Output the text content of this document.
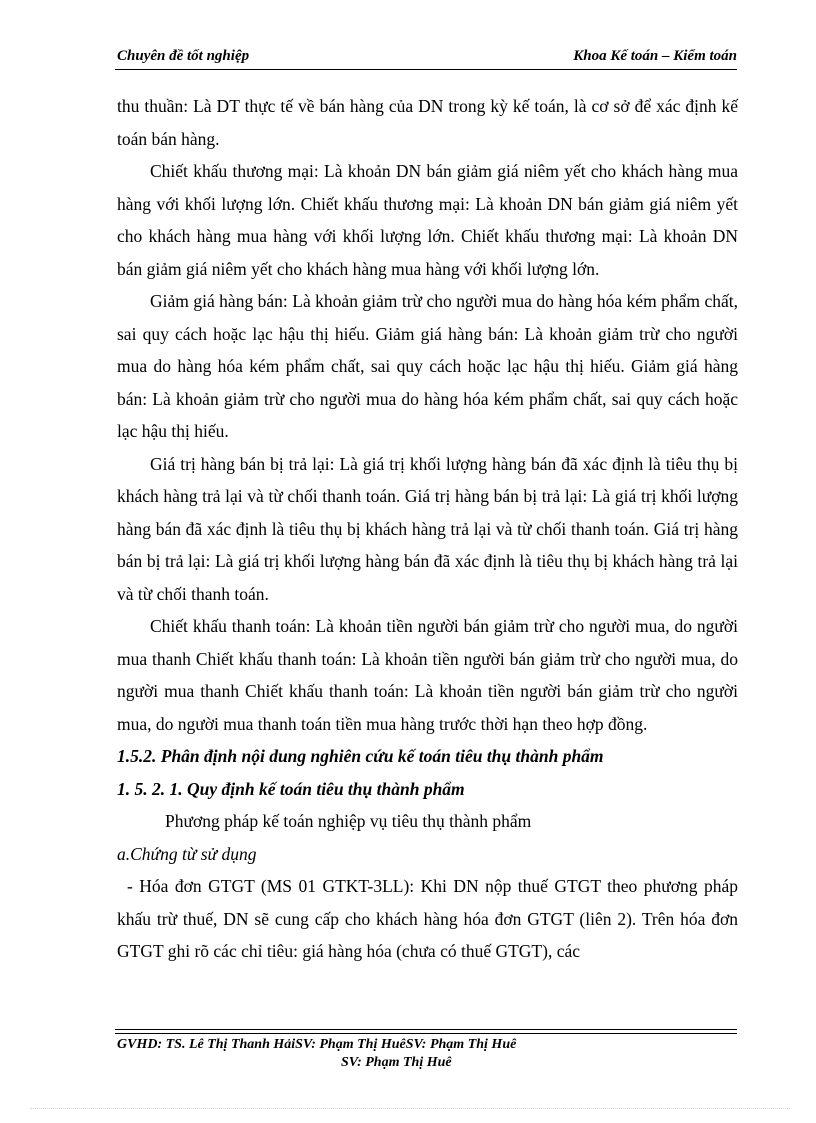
Chuyên đề tốt nghiệp	Khoa Kế toán – Kiểm toán

thu thuần: Là DT thực tế về bán hàng của DN trong kỳ kế toán, là cơ sở để xác định kế toán bán hàng.

Chiết khấu thương mại: Là khoản DN bán giảm giá niêm yết cho khách hàng mua hàng với khối lượng lớn. Chiết khấu thương mại: Là khoản DN bán giảm giá niêm yết cho khách hàng mua hàng với khối lượng lớn. Chiết khấu thương mại: Là khoản DN bán giảm giá niêm yết cho khách hàng mua hàng với khối lượng lớn.

Giảm giá hàng bán: Là khoản giảm trừ cho người mua do hàng hóa kém phẩm chất, sai quy cách hoặc lạc hậu thị hiếu. Giảm giá hàng bán: Là khoản giảm trừ cho người mua do hàng hóa kém phẩm chất, sai quy cách hoặc lạc hậu thị hiếu. Giảm giá hàng bán: Là khoản giảm trừ cho người mua do hàng hóa kém phẩm chất, sai quy cách hoặc lạc hậu thị hiếu.

Giá trị hàng bán bị trả lại: Là giá trị khối lượng hàng bán đã xác định là tiêu thụ bị khách hàng trả lại và từ chối thanh toán. Giá trị hàng bán bị trả lại: Là giá trị khối lượng hàng bán đã xác định là tiêu thụ bị khách hàng trả lại và từ chối thanh toán. Giá trị hàng bán bị trả lại: Là giá trị khối lượng hàng bán đã xác định là tiêu thụ bị khách hàng trả lại và từ chối thanh toán.

Chiết khấu thanh toán: Là khoản tiền người bán giảm trừ cho người mua, do người mua thanh Chiết khấu thanh toán: Là khoản tiền người bán giảm trừ cho người mua, do người mua thanh Chiết khấu thanh toán: Là khoản tiền người bán giảm trừ cho người mua, do người mua thanh toán tiền mua hàng trước thời hạn theo hợp đồng.

1.5.2. Phân định nội dung nghiên cứu kế toán tiêu thụ thành phẩm

1. 5. 2. 1. Quy định kế toán tiêu thụ thành phẩm

Phương pháp kế toán nghiệp vụ tiêu thụ thành phẩm

a.Chứng từ sử dụng

- Hóa đơn GTGT (MS 01 GTKT-3LL): Khi DN nộp thuế GTGT theo phương pháp khấu trừ thuế, DN sẽ cung cấp cho khách hàng hóa đơn GTGT (liên 2). Trên hóa đơn GTGT ghi rõ các chỉ tiêu: giá hàng hóa (chưa có thuế GTGT), các

GVHD: TS. Lê Thị Thanh HảiSV: Phạm Thị HuêSV: Phạm Thị Huê
SV: Phạm Thị Huê
